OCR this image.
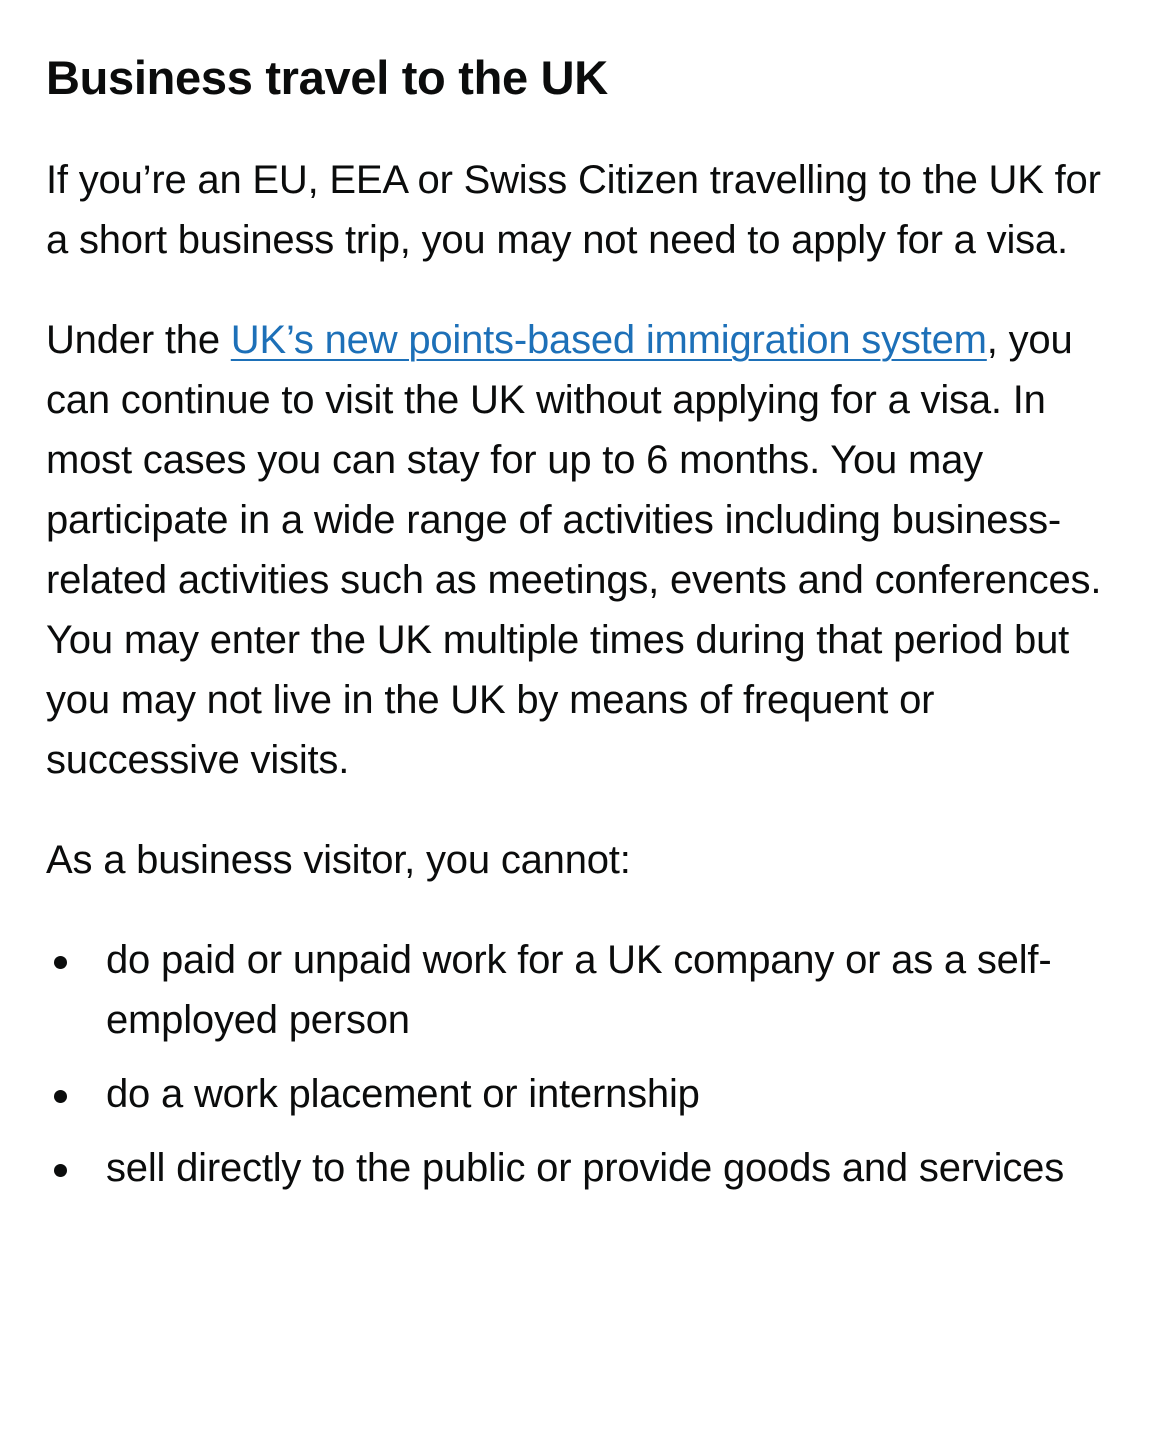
Business travel to the UK

If you’re an EU, EEA or Swiss Citizen travelling to the UK for a short business trip, you may not need to apply for a visa.

Under the UK’s new points-based immigration system, you can continue to visit the UK without applying for a visa. In most cases you can stay for up to 6 months. You may participate in a wide range of activities including business-related activities such as meetings, events and conferences. You may enter the UK multiple times during that period but you may not live in the UK by means of frequent or successive visits.

As a business visitor, you cannot:

do paid or unpaid work for a UK company or as a self-employed person
do a work placement or internship
sell directly to the public or provide goods and services
